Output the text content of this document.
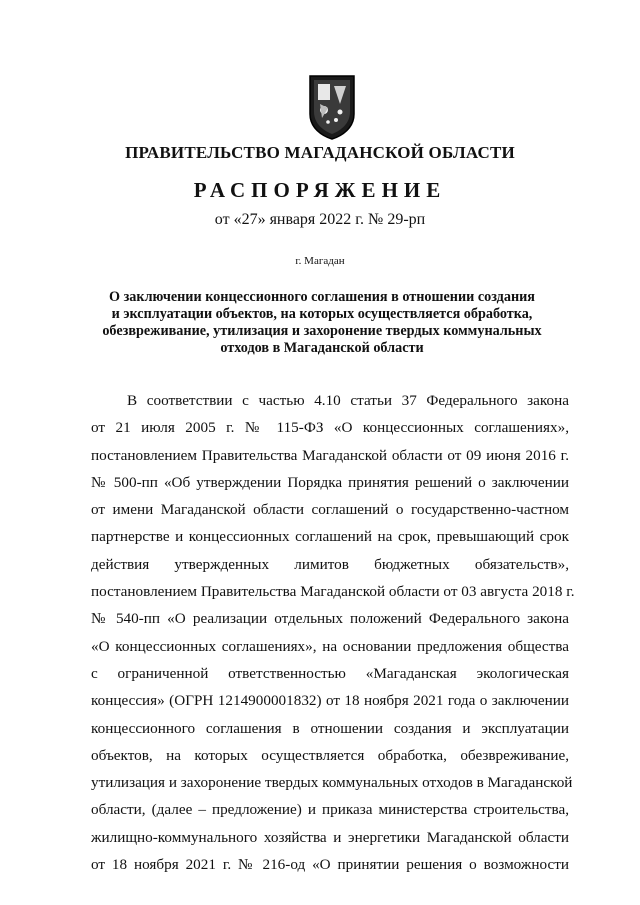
ПРАВИТЕЛЬСТВО МАГАДАНСКОЙ ОБЛАСТИ
РАСПОРЯЖЕНИЕ
от «27» января 2022 г. № 29-рп
г. Магадан
О заключении концессионного соглашения в отношении создания
и эксплуатации объектов, на которых осуществляется обработка,
обезвреживание, утилизация и захоронение твердых коммунальных
отходов в Магаданской области
В соответствии с частью 4.10 статьи 37 Федерального закона
от 21 июля 2005 г. № 115-ФЗ «О концессионных соглашениях»,
постановлением Правительства Магаданской области от 09 июня 2016 г.
№ 500-пп «Об утверждении Порядка принятия решений о заключении
от имени Магаданской области соглашений о государственно-частном
партнерстве и концессионных соглашений на срок, превышающий срок
действия утвержденных лимитов бюджетных обязательств»,
постановлением Правительства Магаданской области от 03 августа 2018 г.
№ 540-пп «О реализации отдельных положений Федерального закона
«О концессионных соглашениях», на основании предложения общества
с ограниченной ответственностью «Магаданская экологическая
концессия» (ОГРН 1214900001832) от 18 ноября 2021 года о заключении
концессионного соглашения в отношении создания и эксплуатации
объектов, на которых осуществляется обработка, обезвреживание,
утилизация и захоронение твердых коммунальных отходов в Магаданской
области, (далее – предложение) и приказа министерства строительства,
жилищно-коммунального хозяйства и энергетики Магаданской области
от 18 ноября 2021 г. № 216-од «О принятии решения о возможности
